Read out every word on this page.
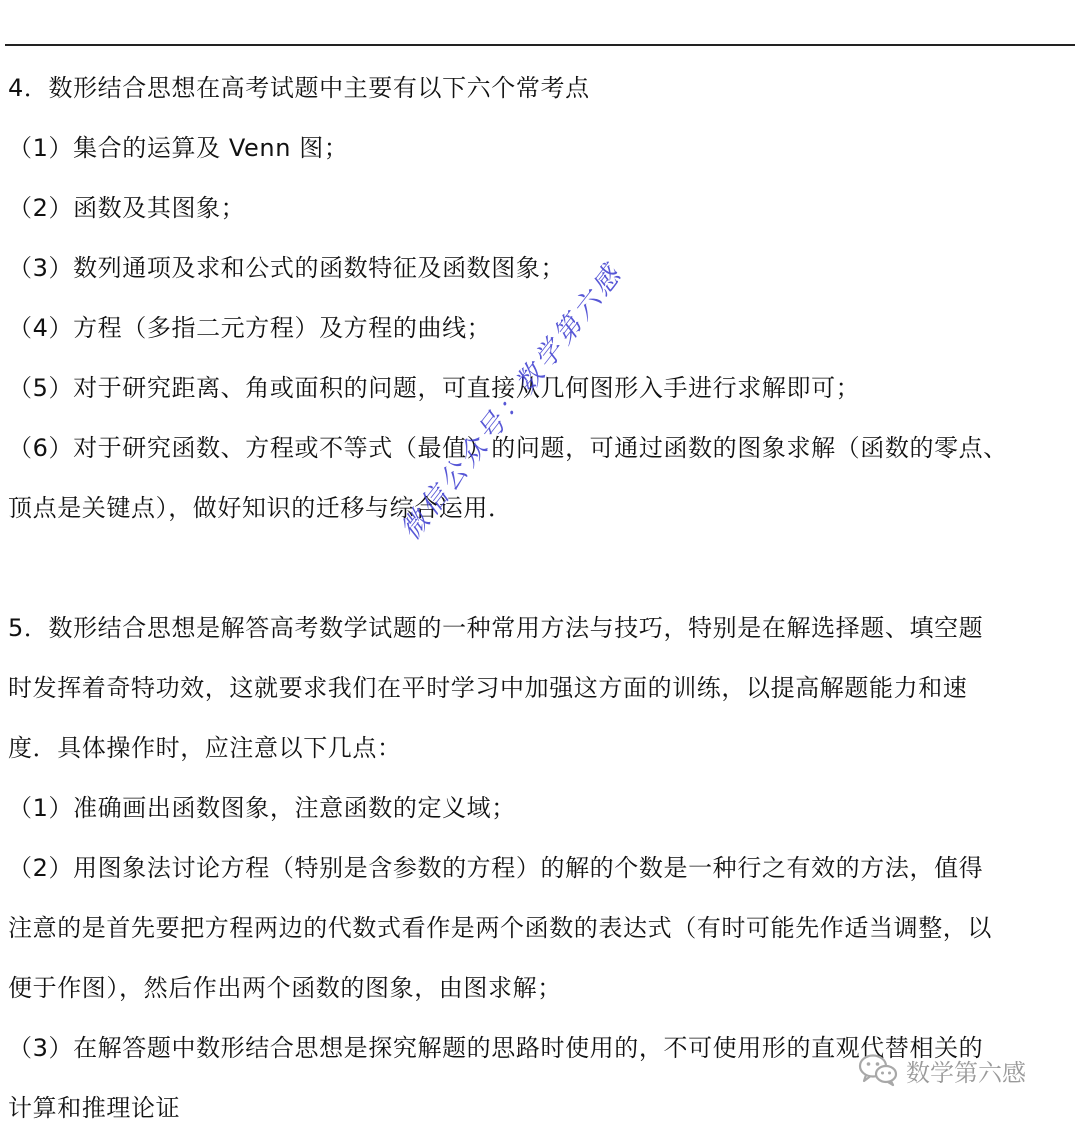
4．数形结合思想在高考试题中主要有以下六个常考点
（1）集合的运算及 Venn 图；
（2）函数及其图象；
（3）数列通项及求和公式的函数特征及函数图象；
（4）方程（多指二元方程）及方程的曲线；
（5）对于研究距离、角或面积的问题，可直接从几何图形入手进行求解即可；
（6）对于研究函数、方程或不等式（最值）的问题，可通过函数的图象求解（函数的零点、
顶点是关键点），做好知识的迁移与综合运用．
5．数形结合思想是解答高考数学试题的一种常用方法与技巧，特别是在解选择题、填空题
时发挥着奇特功效，这就要求我们在平时学习中加强这方面的训练，以提高解题能力和速
度．具体操作时，应注意以下几点：
（1）准确画出函数图象，注意函数的定义域；
（2）用图象法讨论方程（特别是含参数的方程）的解的个数是一种行之有效的方法，值得
注意的是首先要把方程两边的代数式看作是两个函数的表达式（有时可能先作适当调整，以
便于作图），然后作出两个函数的图象，由图求解；
（3）在解答题中数形结合思想是探究解题的思路时使用的，不可使用形的直观代替相关的
计算和推理论证
微信公众号：数学第六感
数学第六感
